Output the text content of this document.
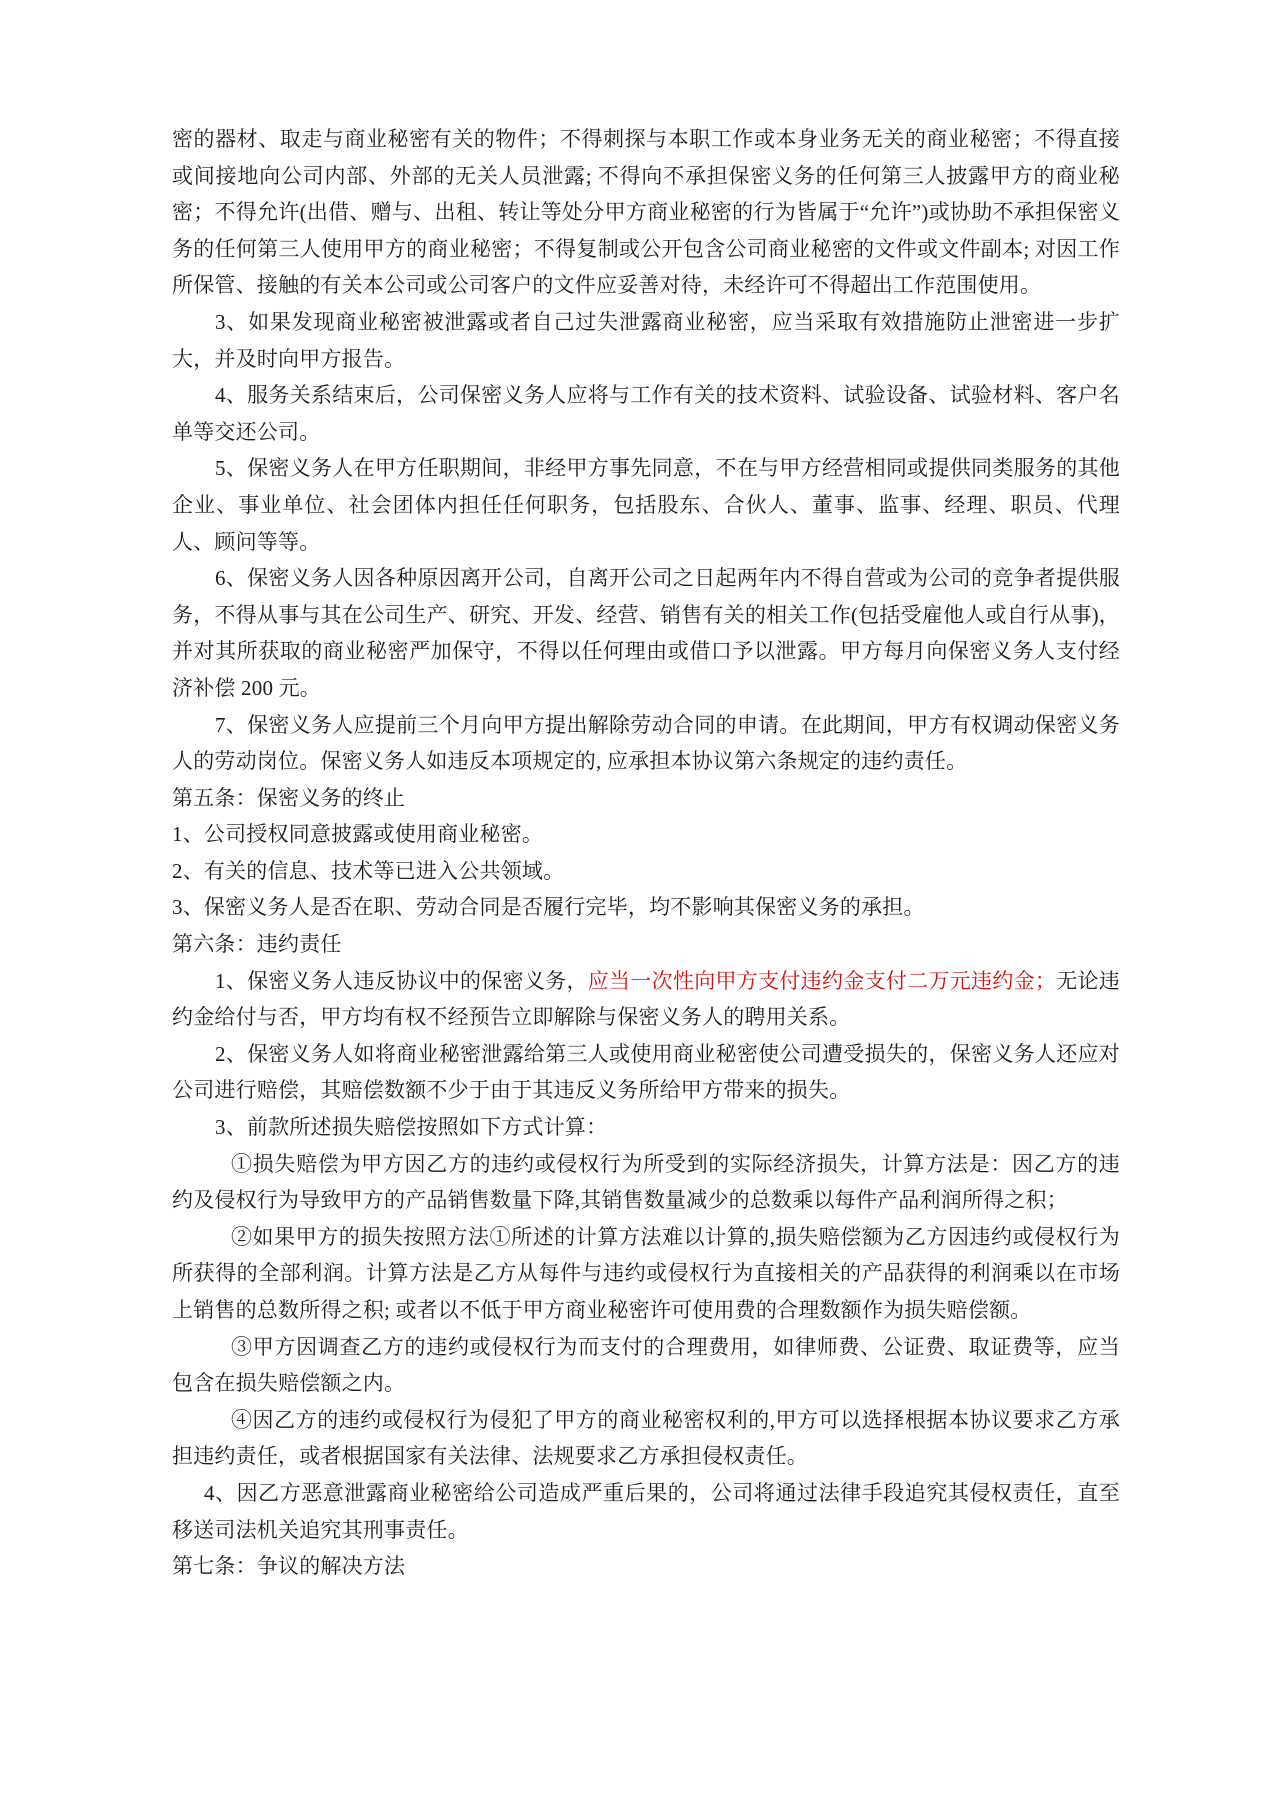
密的器材、取走与商业秘密有关的物件；不得刺探与本职工作或本身业务无关的商业秘密；不得直接或间接地向公司内部、外部的无关人员泄露; 不得向不承担保密义务的任何第三人披露甲方的商业秘密；不得允许(出借、赠与、出租、转让等处分甲方商业秘密的行为皆属于“允许”)或协助不承担保密义务的任何第三人使用甲方的商业秘密；不得复制或公开包含公司商业秘密的文件或文件副本; 对因工作所保管、接触的有关本公司或公司客户的文件应妥善对待，未经许可不得超出工作范围使用。

3、如果发现商业秘密被泄露或者自己过失泄露商业秘密，应当采取有效措施防止泄密进一步扩大，并及时向甲方报告。

4、服务关系结束后，公司保密义务人应将与工作有关的技术资料、试验设备、试验材料、客户名单等交还公司。

5、保密义务人在甲方任职期间，非经甲方事先同意，不在与甲方经营相同或提供同类服务的其他企业、事业单位、社会团体内担任任何职务，包括股东、合伙人、董事、监事、经理、职员、代理人、顾问等等。

6、保密义务人因各种原因离开公司，自离开公司之日起两年内不得自营或为公司的竞争者提供服务，不得从事与其在公司生产、研究、开发、经营、销售有关的相关工作(包括受雇他人或自行从事)，并对其所获取的商业秘密严加保守，不得以任何理由或借口予以泄露。甲方每月向保密义务人支付经济补偿 200 元。

7、保密义务人应提前三个月向甲方提出解除劳动合同的申请。在此期间，甲方有权调动保密义务人的劳动岗位。保密义务人如违反本项规定的, 应承担本协议第六条规定的违约责任。

第五条：保密义务的终止

1、公司授权同意披露或使用商业秘密。

2、有关的信息、技术等已进入公共领域。

3、保密义务人是否在职、劳动合同是否履行完毕，均不影响其保密义务的承担。

第六条：违约责任

1、保密义务人违反协议中的保密义务，应当一次性向甲方支付违约金支付二万元违约金；无论违约金给付与否，甲方均有权不经预告立即解除与保密义务人的聘用关系。

2、保密义务人如将商业秘密泄露给第三人或使用商业秘密使公司遭受损失的，保密义务人还应对公司进行赔偿，其赔偿数额不少于由于其违反义务所给甲方带来的损失。

3、前款所述损失赔偿按照如下方式计算：

①损失赔偿为甲方因乙方的违约或侵权行为所受到的实际经济损失，计算方法是：因乙方的违约及侵权行为导致甲方的产品销售数量下降,其销售数量减少的总数乘以每件产品利润所得之积；

②如果甲方的损失按照方法①所述的计算方法难以计算的,损失赔偿额为乙方因违约或侵权行为所获得的全部利润。计算方法是乙方从每件与违约或侵权行为直接相关的产品获得的利润乘以在市场上销售的总数所得之积; 或者以不低于甲方商业秘密许可使用费的合理数额作为损失赔偿额。

③甲方因调查乙方的违约或侵权行为而支付的合理费用，如律师费、公证费、取证费等，应当包含在损失赔偿额之内。

④因乙方的违约或侵权行为侵犯了甲方的商业秘密权利的,甲方可以选择根据本协议要求乙方承担违约责任，或者根据国家有关法律、法规要求乙方承担侵权责任。

4、因乙方恶意泄露商业秘密给公司造成严重后果的，公司将通过法律手段追究其侵权责任，直至移送司法机关追究其刑事责任。

第七条：争议的解决方法
